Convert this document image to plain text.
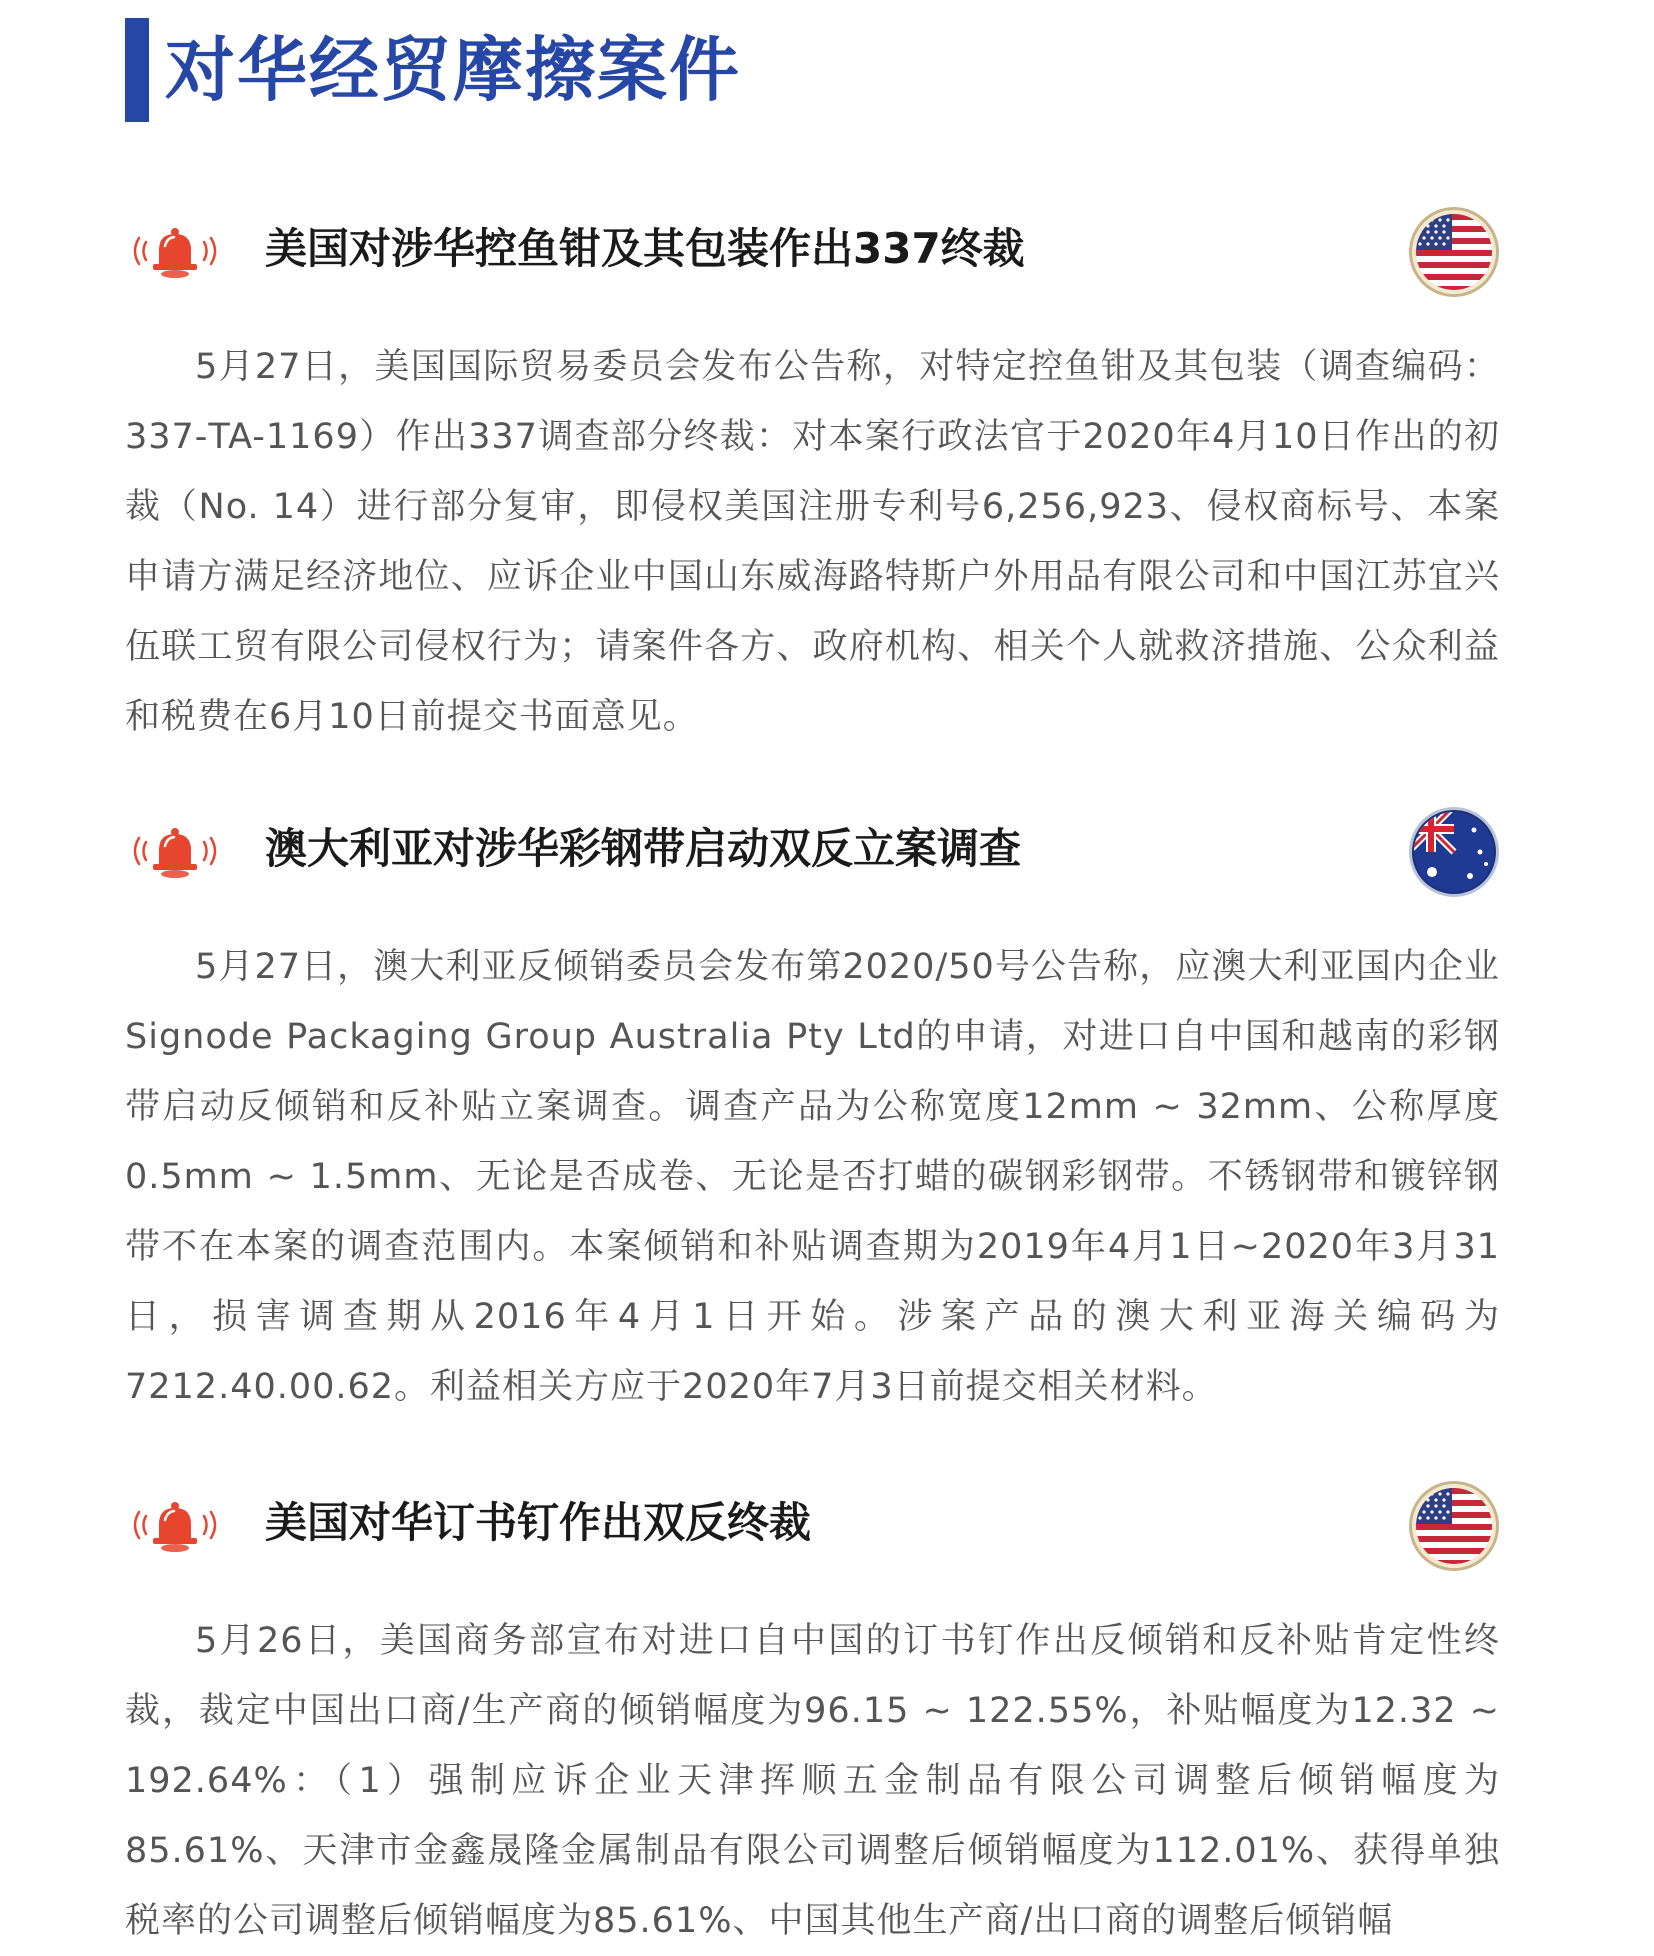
对华经贸摩擦案件
美国对涉华控鱼钳及其包装作出337终裁
5月27日，美国国际贸易委员会发布公告称，对特定控鱼钳及其包装（调查编码：337-TA-1169）作出337调查部分终裁：对本案行政法官于2020年4月10日作出的初裁（No. 14）进行部分复审，即侵权美国注册专利号6,256,923、侵权商标号、本案申请方满足经济地位、应诉企业中国山东威海路特斯户外用品有限公司和中国江苏宜兴伍联工贸有限公司侵权行为；请案件各方、政府机构、相关个人就救济措施、公众利益和税费在6月10日前提交书面意见。
澳大利亚对涉华彩钢带启动双反立案调查
5月27日，澳大利亚反倾销委员会发布第2020/50号公告称，应澳大利亚国内企业Signode Packaging Group Australia Pty Ltd的申请，对进口自中国和越南的彩钢带启动反倾销和反补贴立案调查。调查产品为公称宽度12mm ~ 32mm、公称厚度0.5mm ~ 1.5mm、无论是否成卷、无论是否打蜡的碳钢彩钢带。不锈钢带和镀锌钢带不在本案的调查范围内。本案倾销和补贴调查期为2019年4月1日~2020年3月31日，损害调查期从2016年4月1日开始。涉案产品的澳大利亚海关编码为7212.40.00.62。利益相关方应于2020年7月3日前提交相关材料。
美国对华订书钉作出双反终裁
5月26日，美国商务部宣布对进口自中国的订书钉作出反倾销和反补贴肯定性终裁，裁定中国出口商/生产商的倾销幅度为96.15 ~ 122.55%，补贴幅度为12.32 ~ 192.64%：（1）强制应诉企业天津挥顺五金制品有限公司调整后倾销幅度为85.61%、天津市金鑫晟隆金属制品有限公司调整后倾销幅度为112.01%、获得单独税率的公司调整后倾销幅度为85.61%、中国其他生产商/出口商的调整后倾销幅
